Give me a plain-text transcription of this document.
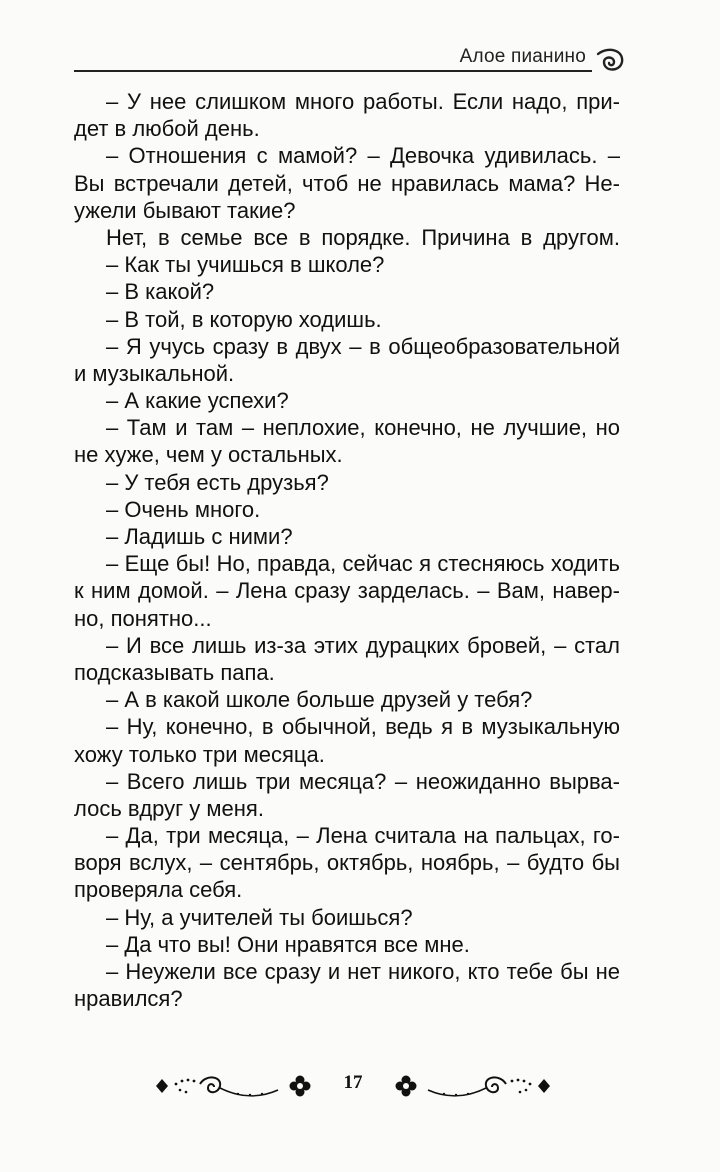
Алое пианино
– У нее слишком много работы. Если надо, при-
дет в любой день.
– Отношения с мамой? – Девочка удивилась. –
Вы встречали детей, чтоб не нравилась мама? Не-
ужели бывают такие?
Нет, в семье все в порядке. Причина в другом.
– Как ты учишься в школе?
– В какой?
– В той, в которую ходишь.
– Я учусь сразу в двух – в общеобразовательной
и музыкальной.
– А какие успехи?
– Там и там – неплохие, конечно, не лучшие, но
не хуже, чем у остальных.
– У тебя есть друзья?
– Очень много.
– Ладишь с ними?
– Еще бы! Но, правда, сейчас я стесняюсь ходить
к ним домой. – Лена сразу зарделась. – Вам, навер-
но, понятно...
– И все лишь из-за этих дурацких бровей, – стал
подсказывать папа.
– А в какой школе больше друзей у тебя?
– Ну, конечно, в обычной, ведь я в музыкальную
хожу только три месяца.
– Всего лишь три месяца? – неожиданно вырва-
лось вдруг у меня.
– Да, три месяца, – Лена считала на пальцах, го-
воря вслух, – сентябрь, октябрь, ноябрь, – будто бы
проверяла себя.
– Ну, а учителей ты боишься?
– Да что вы! Они нравятся все мне.
– Неужели все сразу и нет никого, кто тебе бы не
нравился?
17
